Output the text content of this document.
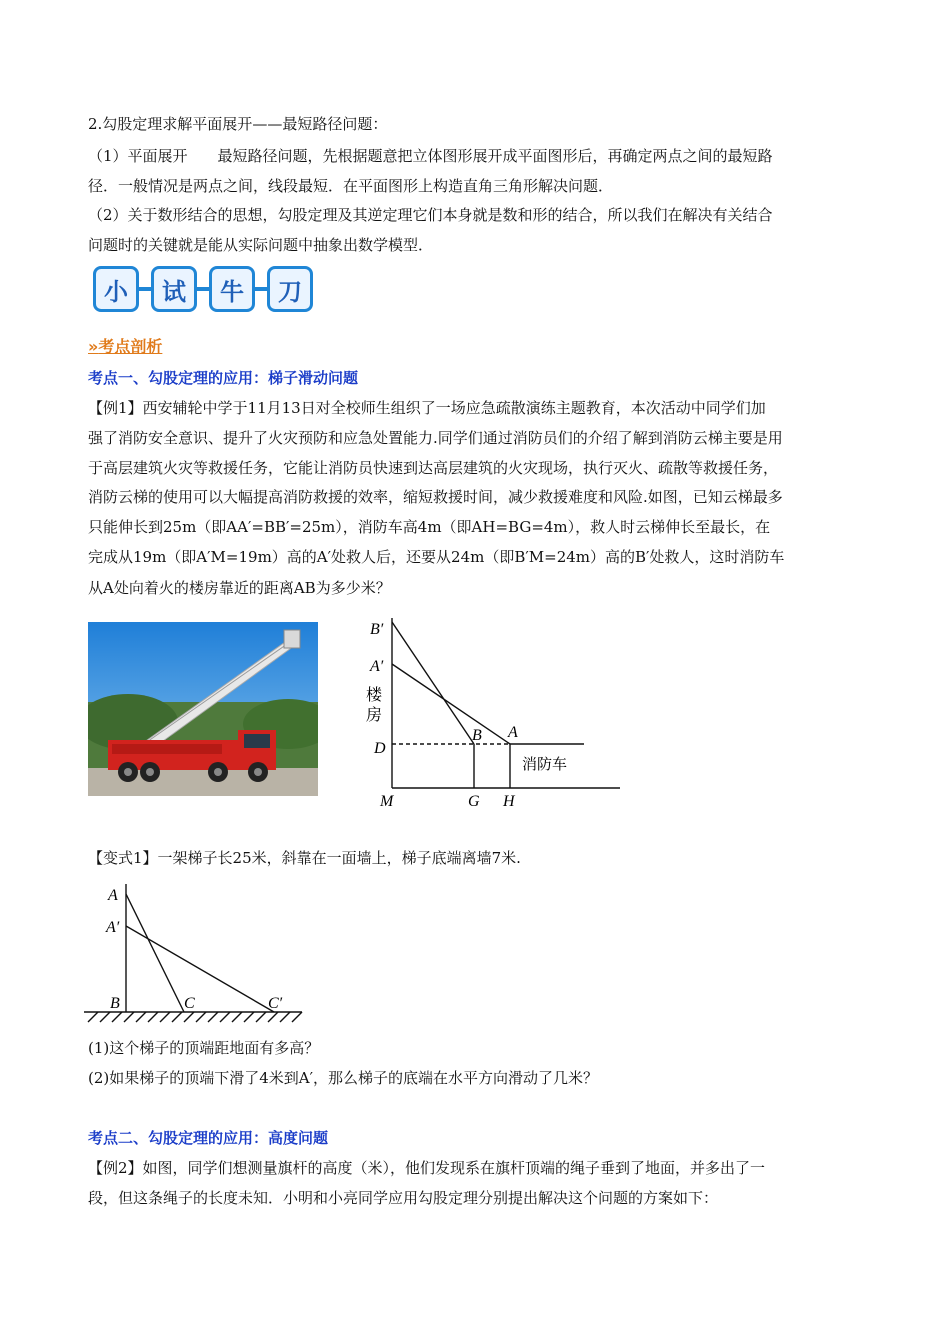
2.勾股定理求解平面展开——最短路径问题：
（1）平面展开　　最短路径问题，先根据题意把立体图形展开成平面图形后，再确定两点之间的最短路
径．一般情况是两点之间，线段最短．在平面图形上构造直角三角形解决问题．
（2）关于数形结合的思想，勾股定理及其逆定理它们本身就是数和形的结合，所以我们在解决有关结合
问题时的关键就是能从实际问题中抽象出数学模型．
小	试	牛	刀
»考点剖析
考点一、勾股定理的应用：梯子滑动问题
【例1】西安辅轮中学于11月13日对全校师生组织了一场应急疏散演练主题教育，本次活动中同学们加
强了消防安全意识、提升了火灾预防和应急处置能力.同学们通过消防员们的介绍了解到消防云梯主要是用
于高层建筑火灾等救援任务，它能让消防员快速到达高层建筑的火灾现场，执行灭火、疏散等救援任务，
消防云梯的使用可以大幅提高消防救援的效率，缩短救援时间，减少救援难度和风险.如图，已知云梯最多
只能伸长到25m（即AA′=BB′=25m），消防车高4m（即AH=BG=4m），救人时云梯伸长至最长，在
完成从19m（即A′M=19m）高的A′处救人后，还要从24m（即B′M=24m）高的B′处救人，这时消防车
从A处向着火的楼房靠近的距离AB为多少米？
B′
A′
楼
房
D
B A
消防车
M	G H
【变式1】一架梯子长25米，斜靠在一面墙上，梯子底端离墙7米.
A
A′
B	C	C′
(1)这个梯子的顶端距地面有多高？
(2)如果梯子的顶端下滑了4米到A′，那么梯子的底端在水平方向滑动了几米？
考点二、勾股定理的应用：高度问题
【例2】如图，同学们想测量旗杆的高度（米），他们发现系在旗杆顶端的绳子垂到了地面，并多出了一
段，但这条绳子的长度未知．小明和小亮同学应用勾股定理分别提出解决这个问题的方案如下：
